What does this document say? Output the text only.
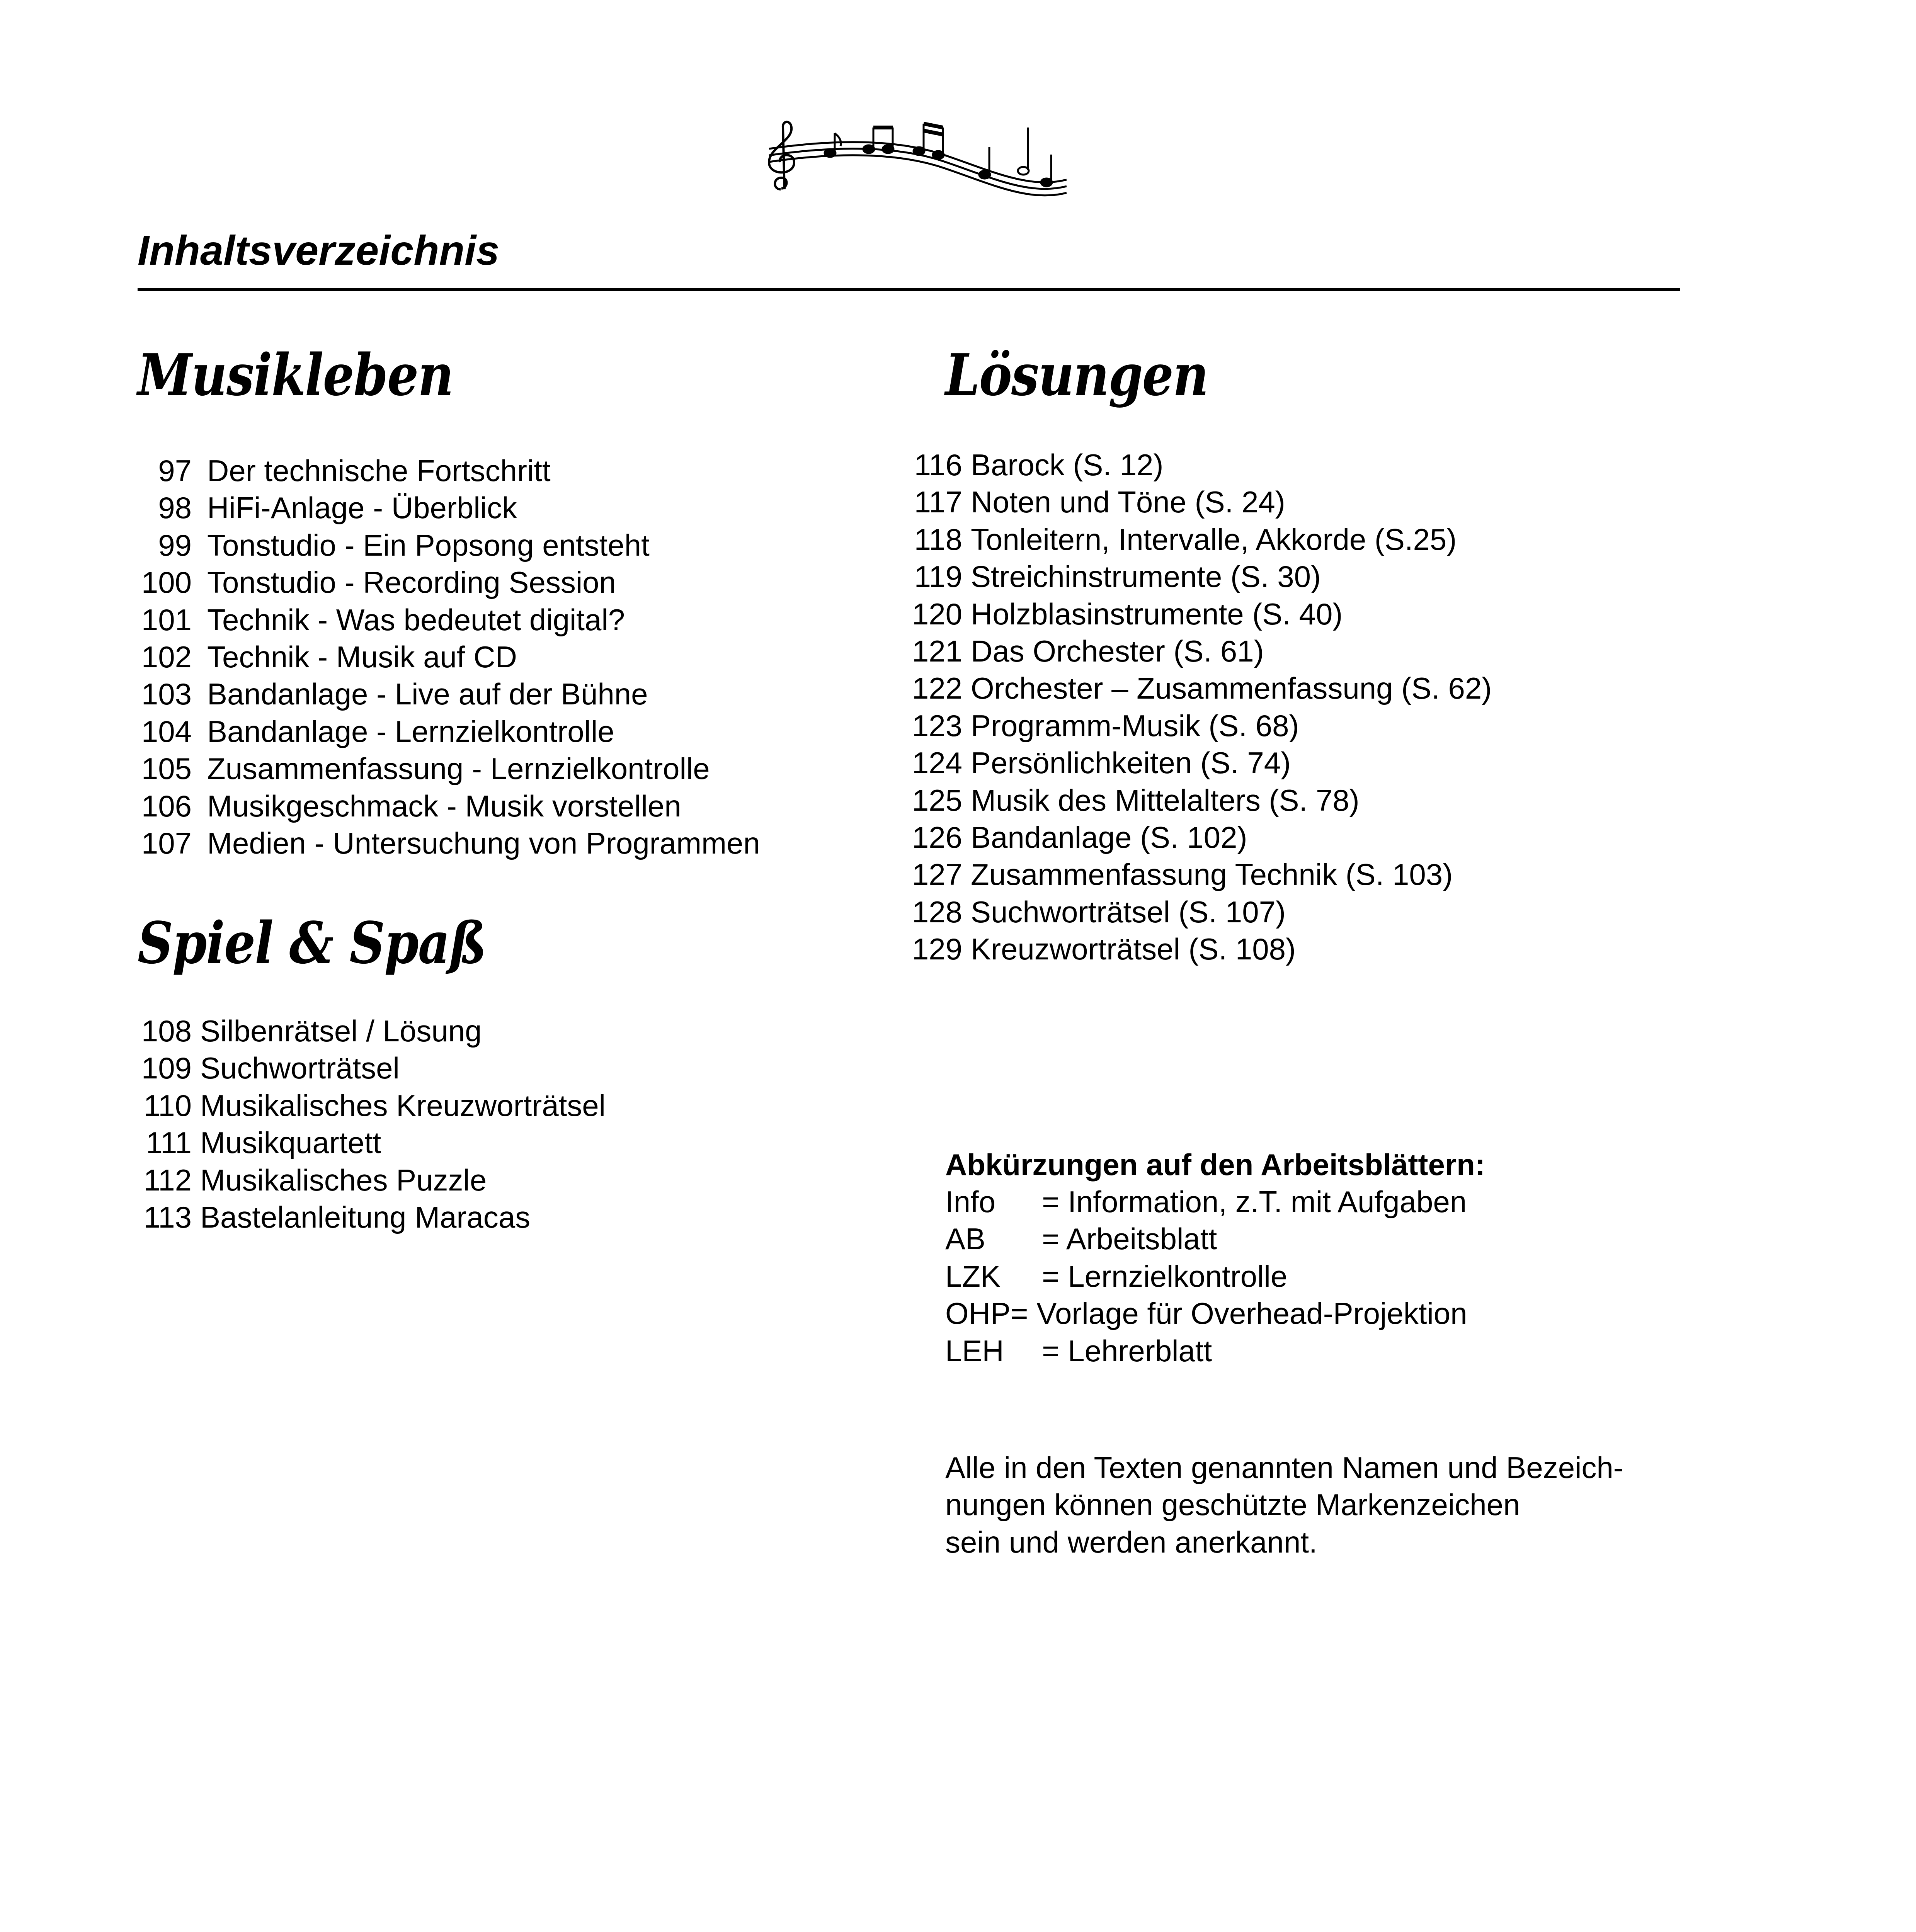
Inhaltsverzeichnis
Musikleben
97 Der technische Fortschritt
98 HiFi-Anlage - Überblick
99 Tonstudio - Ein Popsong entsteht
100 Tonstudio - Recording Session
101 Technik - Was bedeutet digital?
102 Technik - Musik auf CD
103 Bandanlage - Live auf der Bühne
104 Bandanlage - Lernzielkontrolle
105 Zusammenfassung - Lernzielkontrolle
106 Musikgeschmack - Musik vorstellen
107 Medien - Untersuchung von Programmen
Spiel & Spaß
108 Silbenrätsel / Lösung
109 Suchworträtsel
110 Musikalisches Kreuzworträtsel
111 Musikquartett
112 Musikalisches Puzzle
113 Bastelanleitung Maracas
Lösungen
116 Barock (S. 12)
117 Noten und Töne (S. 24)
118 Tonleitern, Intervalle, Akkorde (S.25)
119 Streichinstrumente (S. 30)
120 Holzblasinstrumente (S. 40)
121 Das Orchester (S. 61)
122 Orchester – Zusammenfassung (S. 62)
123 Programm-Musik (S. 68)
124 Persönlichkeiten (S. 74)
125 Musik des Mittelalters (S. 78)
126 Bandanlage (S. 102)
127 Zusammenfassung Technik (S. 103)
128 Suchworträtsel (S. 107)
129 Kreuzworträtsel (S. 108)

Abkürzungen auf den Arbeitsblättern:

Info = Information, z.T. mit Aufgaben
AB = Arbeitsblatt
LZK = Lernzielkontrolle
OHP= Vorlage für Overhead-Projektion
LEH = Lehrerblatt

Alle in den Texten genannten Namen und Bezeich-
nungen können geschützte Markenzeichen
sein und werden anerkannt.
